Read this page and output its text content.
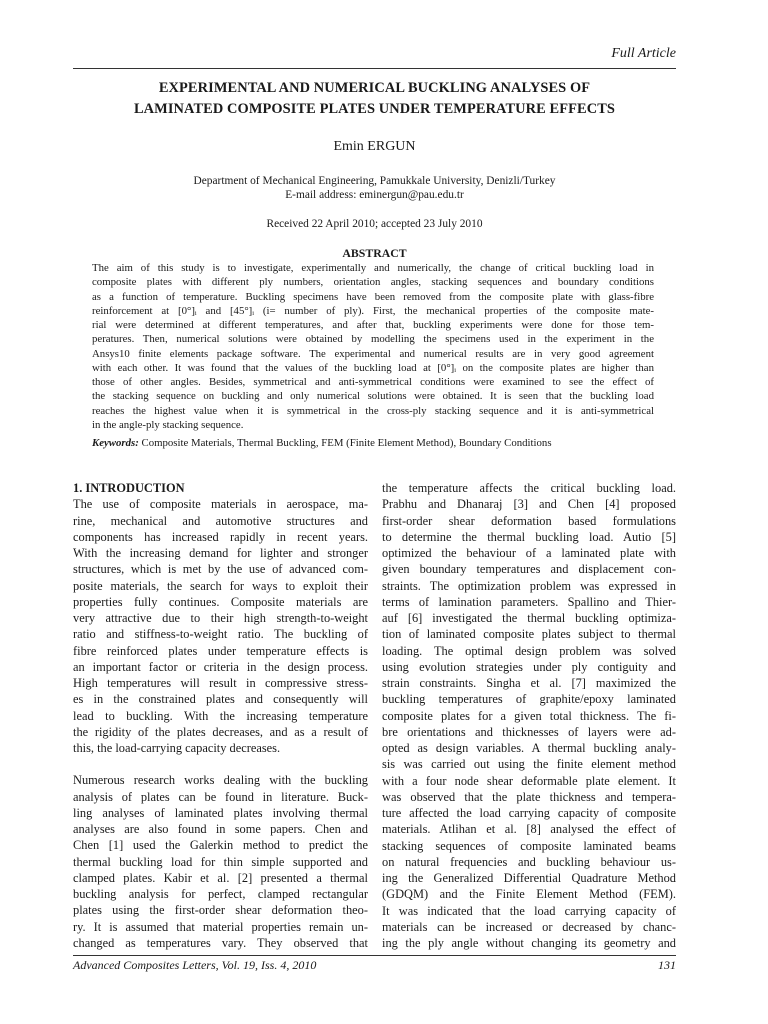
Full Article
EXPERIMENTAL AND NUMERICAL BUCKLING ANALYSES OF
LAMINATED COMPOSITE PLATES UNDER TEMPERATURE EFFECTS
Emin ERGUN
Department of Mechanical Engineering, Pamukkale University, Denizli/Turkey
E-mail address: eminergun@pau.edu.tr
Received 22 April 2010; accepted 23 July 2010
ABSTRACT
The aim of this study is to investigate, experimentally and numerically, the change of critical buckling load in
composite plates with different ply numbers, orientation angles, stacking sequences and boundary conditions
as a function of temperature. Buckling specimens have been removed from the composite plate with glass-fibre
reinforcement at [0°]ᵢ and [45°]ᵢ (i= number of ply). First, the mechanical properties of the composite mate-
rial were determined at different temperatures, and after that, buckling experiments were done for those tem-
peratures. Then, numerical solutions were obtained by modelling the specimens used in the experiment in the
Ansys10 finite elements package software. The experimental and numerical results are in very good agreement
with each other. It was found that the values of the buckling load at [0°]ᵢ on the composite plates are higher than
those of other angles. Besides, symmetrical and anti-symmetrical conditions were examined to see the effect of
the stacking sequence on buckling and only numerical solutions were obtained. It is seen that the buckling load
reaches the highest value when it is symmetrical in the cross-ply stacking sequence and it is anti-symmetrical
in the angle-ply stacking sequence.
Keywords: Composite Materials, Thermal Buckling, FEM (Finite Element Method), Boundary Conditions
1. INTRODUCTION
The use of composite materials in aerospace, ma-
rine, mechanical and automotive structures and
components has increased rapidly in recent years.
With the increasing demand for lighter and stronger
structures, which is met by the use of advanced com-
posite materials, the search for ways to exploit their
properties fully continues. Composite materials are
very attractive due to their high strength-to-weight
ratio and stiffness-to-weight ratio. The buckling of
fibre reinforced plates under temperature effects is
an important factor or criteria in the design process.
High temperatures will result in compressive stress-
es in the constrained plates and consequently will
lead to buckling. With the increasing temperature
the rigidity of the plates decreases, and as a result of
this, the load-carrying capacity decreases.
Numerous research works dealing with the buckling
analysis of plates can be found in literature. Buck-
ling analyses of laminated plates involving thermal
analyses are also found in some papers. Chen and
Chen [1] used the Galerkin method to predict the
thermal buckling load for thin simple supported and
clamped plates. Kabir et al. [2] presented a thermal
buckling analysis for perfect, clamped rectangular
plates using the first-order shear deformation theo-
ry. It is assumed that material properties remain un-
changed as temperatures vary. They observed that
the temperature affects the critical buckling load.
Prabhu and Dhanaraj [3] and Chen [4] proposed
first-order shear deformation based formulations
to determine the thermal buckling load. Autio [5]
optimized the behaviour of a laminated plate with
given boundary temperatures and displacement con-
straints. The optimization problem was expressed in
terms of lamination parameters. Spallino and Thier-
auf [6] investigated the thermal buckling optimiza-
tion of laminated composite plates subject to thermal
loading. The optimal design problem was solved
using evolution strategies under ply contiguity and
strain constraints. Singha et al. [7] maximized the
buckling temperatures of graphite/epoxy laminated
composite plates for a given total thickness. The fi-
bre orientations and thicknesses of layers were ad-
opted as design variables. A thermal buckling analy-
sis was carried out using the finite element method
with a four node shear deformable plate element. It
was observed that the plate thickness and tempera-
ture affected the load carrying capacity of composite
materials. Atlihan et al. [8] analysed the effect of
stacking sequences of composite laminated beams
on natural frequencies and buckling behaviour us-
ing the Generalized Differential Quadrature Method
(GDQM) and the Finite Element Method (FEM).
It was indicated that the load carrying capacity of
materials can be increased or decreased by chanc-
ing the ply angle without changing its geometry and
Advanced Composites Letters, Vol. 19, Iss. 4, 2010	131
